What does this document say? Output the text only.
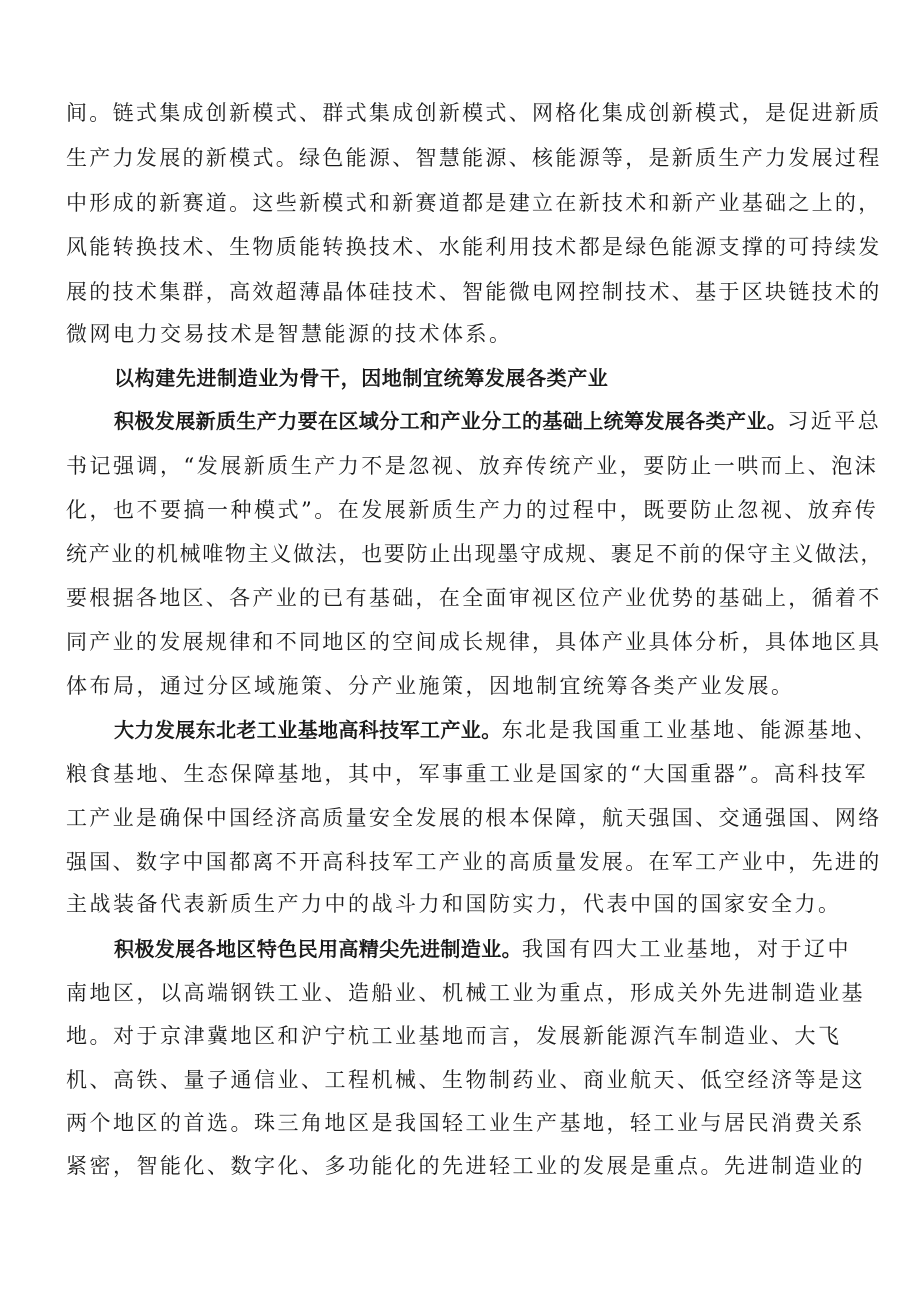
间。链式集成创新模式、群式集成创新模式、网格化集成创新模式，是促进新质
生产力发展的新模式。绿色能源、智慧能源、核能源等，是新质生产力发展过程
中形成的新赛道。这些新模式和新赛道都是建立在新技术和新产业基础之上的，
风能转换技术、生物质能转换技术、水能利用技术都是绿色能源支撑的可持续发
展的技术集群，高效超薄晶体硅技术、智能微电网控制技术、基于区块链技术的
微网电力交易技术是智慧能源的技术体系。
以构建先进制造业为骨干，因地制宜统筹发展各类产业
积极发展新质生产力要在区域分工和产业分工的基础上统筹发展各类产业。习近平总
书记强调，“发展新质生产力不是忽视、放弃传统产业，要防止一哄而上、泡沫
化，也不要搞一种模式”。在发展新质生产力的过程中，既要防止忽视、放弃传
统产业的机械唯物主义做法，也要防止出现墨守成规、裹足不前的保守主义做法，
要根据各地区、各产业的已有基础，在全面审视区位产业优势的基础上，循着不
同产业的发展规律和不同地区的空间成长规律，具体产业具体分析，具体地区具
体布局，通过分区域施策、分产业施策，因地制宜统筹各类产业发展。
大力发展东北老工业基地高科技军工产业。东北是我国重工业基地、能源基地、
粮食基地、生态保障基地，其中，军事重工业是国家的“大国重器”。高科技军
工产业是确保中国经济高质量安全发展的根本保障，航天强国、交通强国、网络
强国、数字中国都离不开高科技军工产业的高质量发展。在军工产业中，先进的
主战装备代表新质生产力中的战斗力和国防实力，代表中国的国家安全力。
积极发展各地区特色民用高精尖先进制造业。我国有四大工业基地，对于辽中
南地区，以高端钢铁工业、造船业、机械工业为重点，形成关外先进制造业基
地。对于京津冀地区和沪宁杭工业基地而言，发展新能源汽车制造业、大飞
机、高铁、量子通信业、工程机械、生物制药业、商业航天、低空经济等是这
两个地区的首选。珠三角地区是我国轻工业生产基地，轻工业与居民消费关系
紧密，智能化、数字化、多功能化的先进轻工业的发展是重点。先进制造业的
